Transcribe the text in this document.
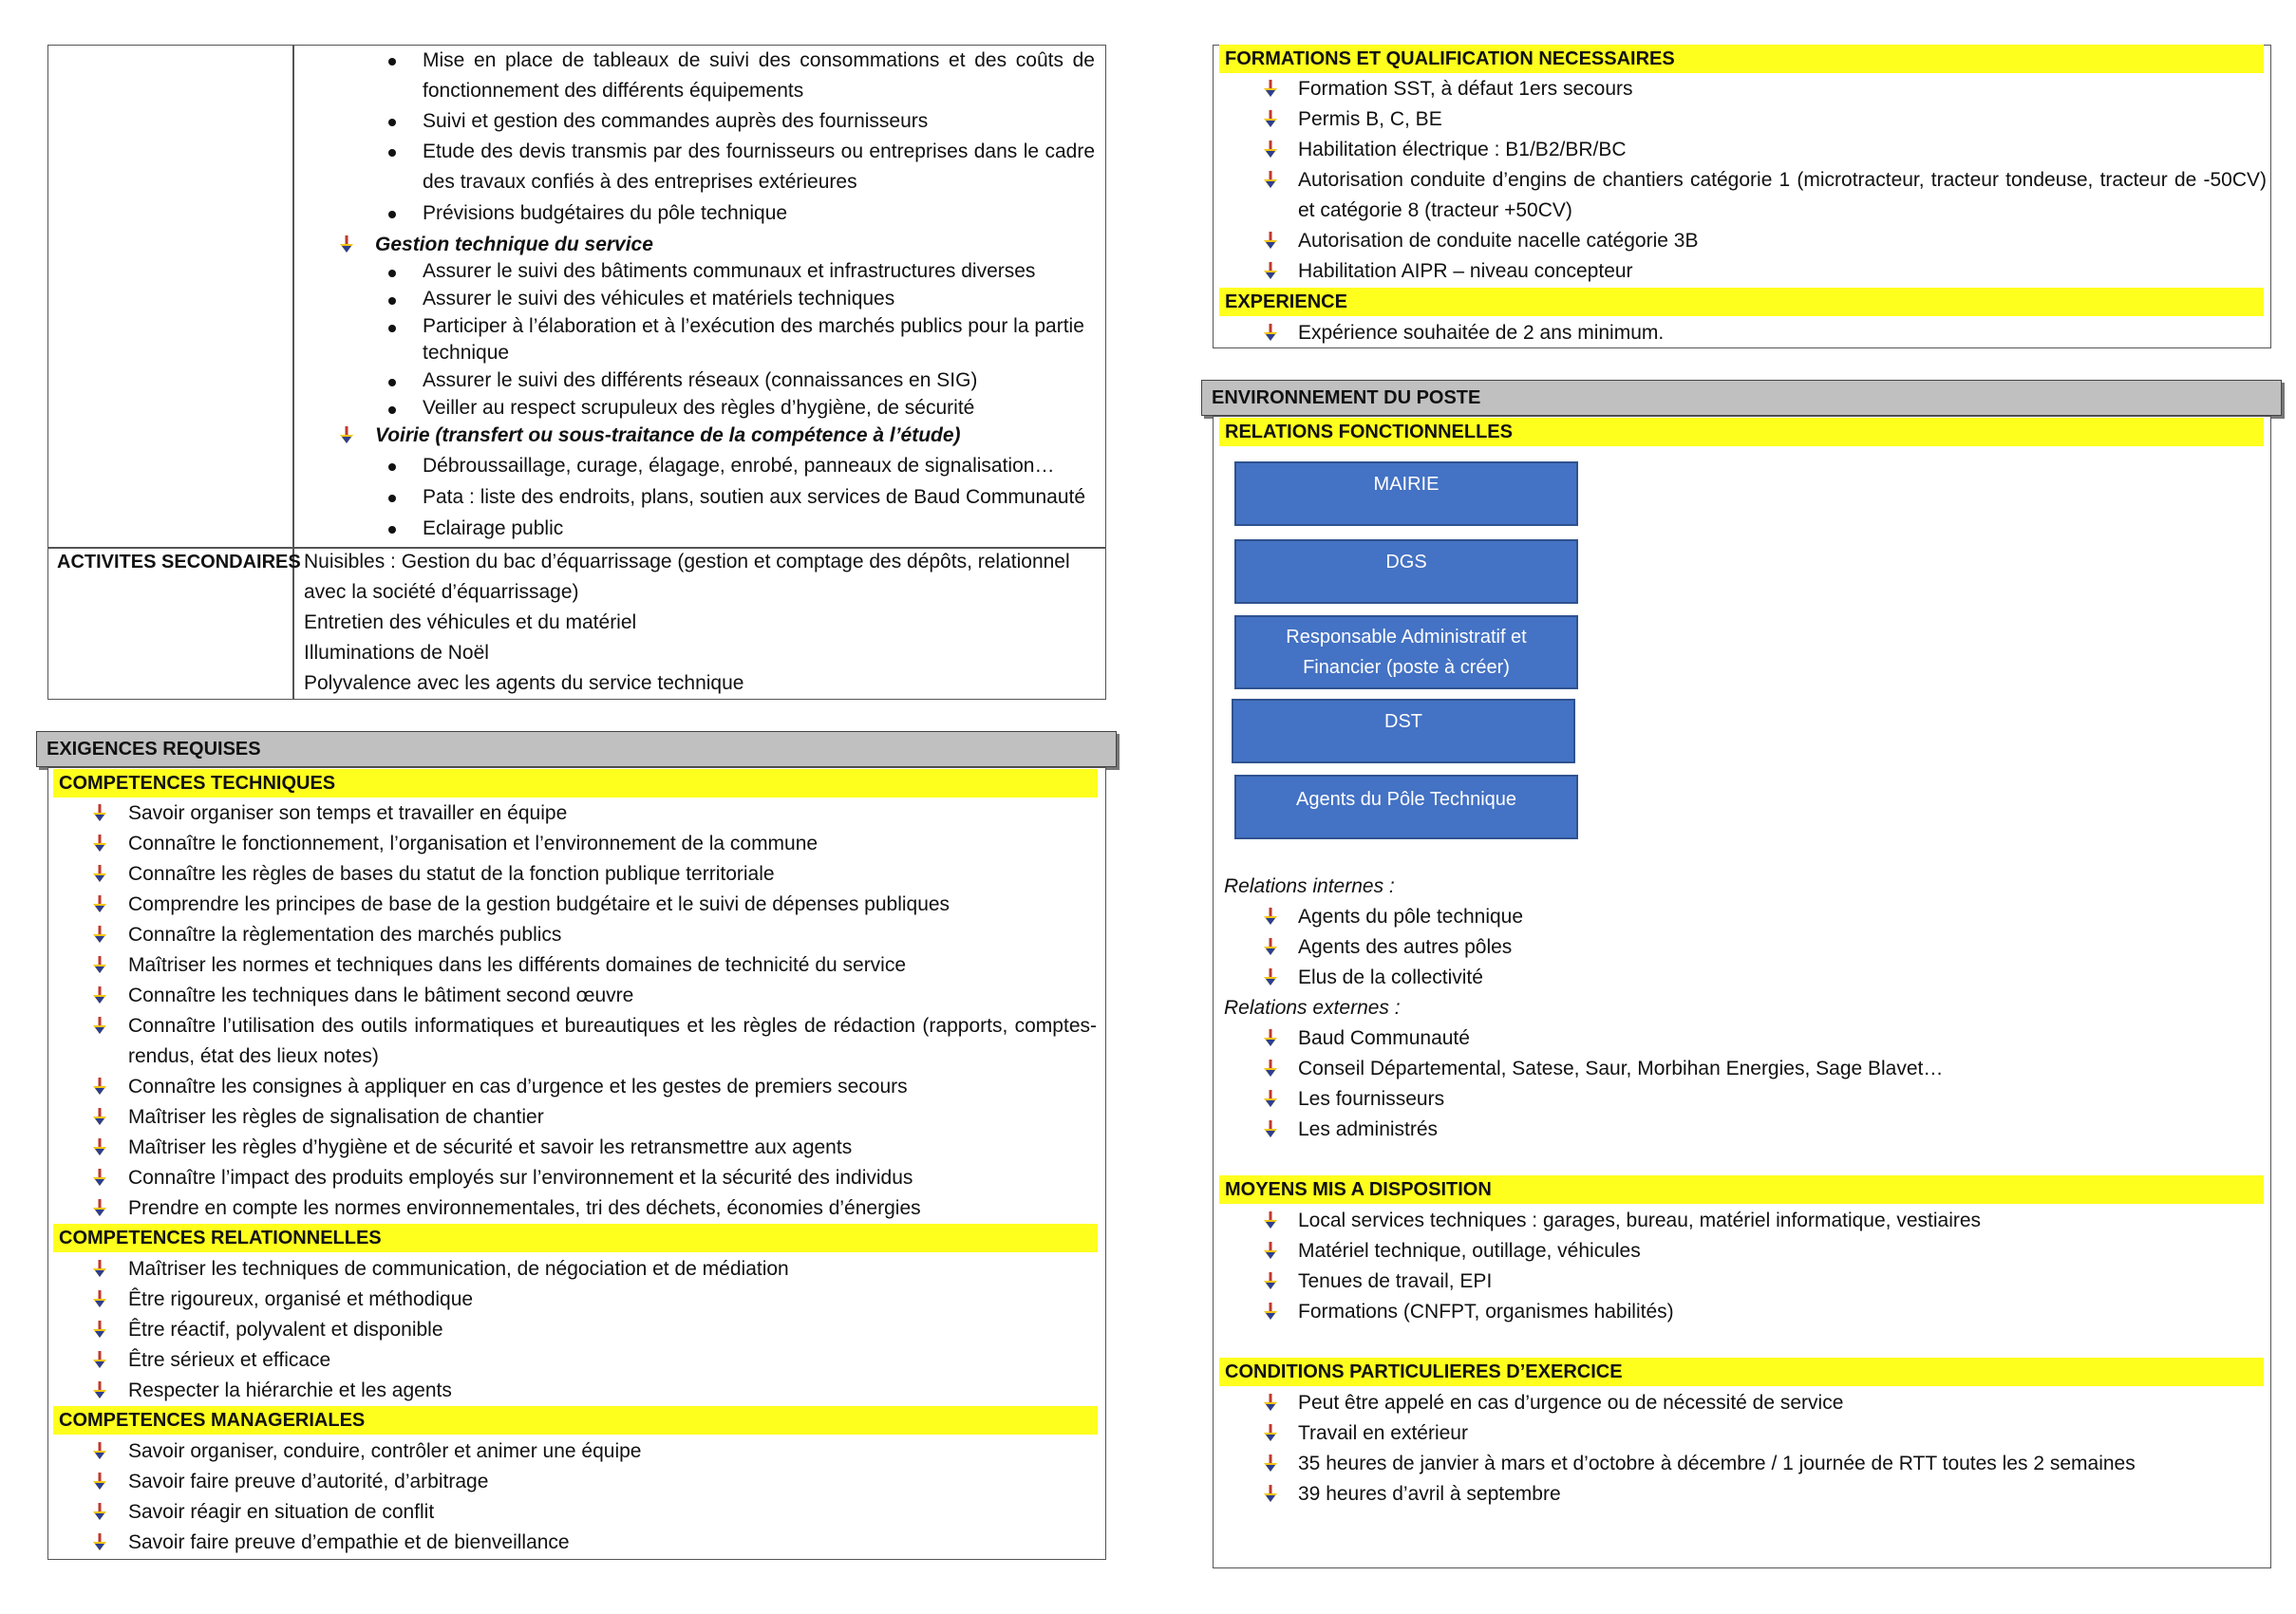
Mise en place de tableaux de suivi des consommations et des coûts de fonctionnement des différents équipements
Suivi et gestion des commandes auprès des fournisseurs
Etude des devis transmis par des fournisseurs ou entreprises dans le cadre des travaux confiés à des entreprises extérieures
Prévisions budgétaires du pôle technique
Gestion technique du service
Assurer le suivi des bâtiments communaux et infrastructures diverses
Assurer le suivi des véhicules et matériels techniques
Participer à l’élaboration et à l’exécution des marchés publics pour la partie technique
Assurer le suivi des différents réseaux (connaissances en SIG)
Veiller au respect scrupuleux des règles d’hygiène, de sécurité
Voirie (transfert ou sous-traitance de la compétence à l’étude)
Débroussaillage, curage, élagage, enrobé, panneaux de signalisation…
Pata : liste des endroits, plans, soutien aux services de Baud Communauté
Eclairage public
ACTIVITES SECONDAIRES Nuisibles : Gestion du bac d’équarrissage (gestion et comptage des dépôts, relationnel avec la société d’équarrissage)
Entretien des véhicules et du matériel
Illuminations de Noël
Polyvalence avec les agents du service technique
EXIGENCES REQUISES
COMPETENCES TECHNIQUES
COMPETENCES RELATIONNELLES
COMPETENCES MANAGERIALES
FORMATIONS ET QUALIFICATION NECESSAIRES
EXPERIENCE
ENVIRONNEMENT DU POSTE
RELATIONS FONCTIONNELLES
MAIRIE
DGS
Responsable Administratif et Financier (poste à créer)
DST
Agents du Pôle Technique
Relations internes :
Relations externes :
MOYENS MIS A DISPOSITION
CONDITIONS PARTICULIERES D’EXERCICE
Savoir organiser son temps et travailler en équipe
Connaître le fonctionnement, l’organisation et l’environnement de la commune
Connaître les règles de bases du statut de la fonction publique territoriale
Comprendre les principes de base de la gestion budgétaire et le suivi de dépenses publiques
Connaître la règlementation des marchés publics
Maîtriser les normes et techniques dans les différents domaines de technicité du service
Connaître les techniques dans le bâtiment second œuvre
Connaître l’utilisation des outils informatiques et bureautiques et les règles de rédaction (rapports, comptes-rendus, état des lieux notes)
Connaître les consignes à appliquer en cas d’urgence et les gestes de premiers secours
Maîtriser les règles de signalisation de chantier
Maîtriser les règles d’hygiène et de sécurité et savoir les retransmettre aux agents
Connaître l’impact des produits employés sur l’environnement et la sécurité des individus
Prendre en compte les normes environnementales, tri des déchets, économies d’énergies
Maîtriser les techniques de communication, de négociation et de médiation
Être rigoureux, organisé et méthodique
Être réactif, polyvalent et disponible
Être sérieux et efficace
Respecter la hiérarchie et les agents
Savoir organiser, conduire, contrôler et animer une équipe
Savoir faire preuve d’autorité, d’arbitrage
Savoir réagir en situation de conflit
Savoir faire preuve d’empathie et de bienveillance
Formation SST, à défaut 1ers secours
Permis B, C, BE
Habilitation électrique : B1/B2/BR/BC
Autorisation conduite d’engins de chantiers catégorie 1 (microtracteur, tracteur tondeuse, tracteur de -50CV) et catégorie 8 (tracteur +50CV)
Autorisation de conduite nacelle catégorie 3B
Habilitation AIPR – niveau concepteur
Expérience souhaitée de 2 ans minimum.
Agents du pôle technique
Agents des autres pôles
Elus de la collectivité
Baud Communauté
Conseil Départemental, Satese, Saur, Morbihan Energies, Sage Blavet…
Les fournisseurs
Les administrés
Local services techniques : garages, bureau, matériel informatique, vestiaires
Matériel technique, outillage, véhicules
Tenues de travail, EPI
Formations (CNFPT, organismes habilités)
Peut être appelé en cas d’urgence ou de nécessité de service
Travail en extérieur
35 heures de janvier à mars et d’octobre à décembre / 1 journée de RTT toutes les 2 semaines
39 heures d’avril à septembre
